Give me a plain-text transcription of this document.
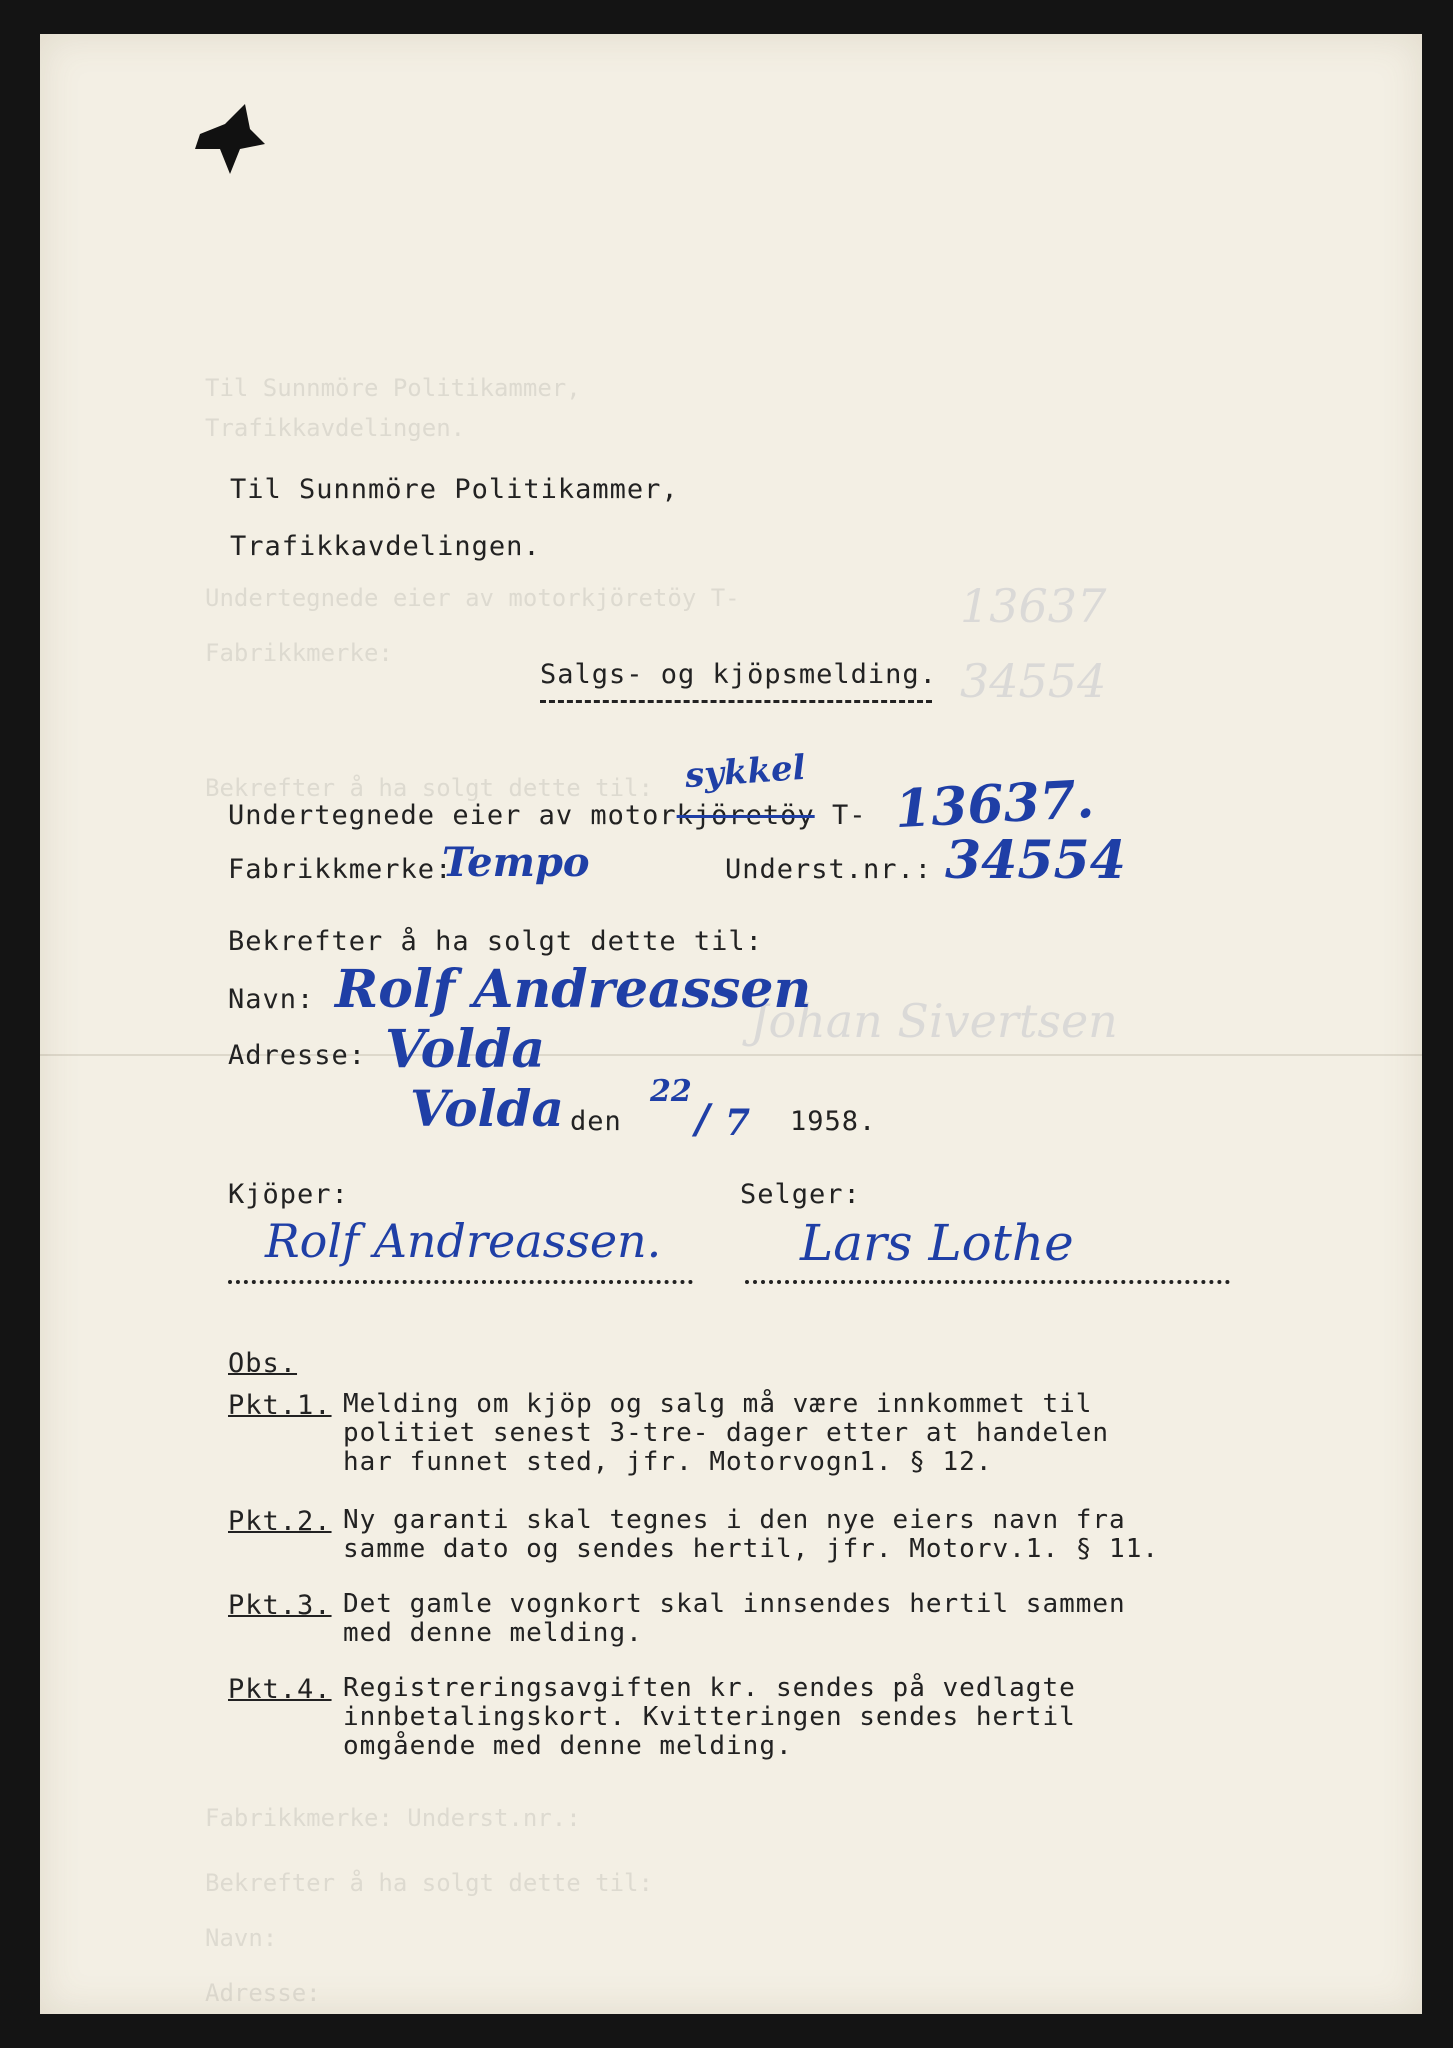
Til Sunnmöre Politikammer,
Trafikkavdelingen.
Undertegnede eier av motorkjöretöy T-
Fabrikkmerke:
Bekrefter å ha solgt dette til:
Fabrikkmerke: Underst.nr.:
Bekrefter å ha solgt dette til:
Navn:
Adresse:
13637
34554
Johan Sivertsen
Til Sunnmöre Politikammer,
Trafikkavdelingen.
Salgs- og kjöpsmelding.
sykkel
Undertegnede eier av motorkjöretöy T- 13637.
Fabrikkmerke:
Tempo	Underst.nr.: 34554
Bekrefter å ha solgt dette til:
Navn: Rolf Andreassen
Adresse: Volda
Volda den
22
/ 7 1958.
Kjöper:	Selger:
Rolf Andreassen.	Lars Lothe
Obs.
Pkt.1. Melding om kjöp og salg må være innkommet til
politiet senest 3-tre- dager etter at handelen
har funnet sted, jfr. Motorvogn1. § 12.
Pkt.2. Ny garanti skal tegnes i den nye eiers navn fra
samme dato og sendes hertil, jfr. Motorv.1. § 11.
Pkt.3. Det gamle vognkort skal innsendes hertil sammen
med denne melding.
Pkt.4. Registreringsavgiften kr. sendes på vedlagte
innbetalingskort. Kvitteringen sendes hertil
omgående med denne melding.
